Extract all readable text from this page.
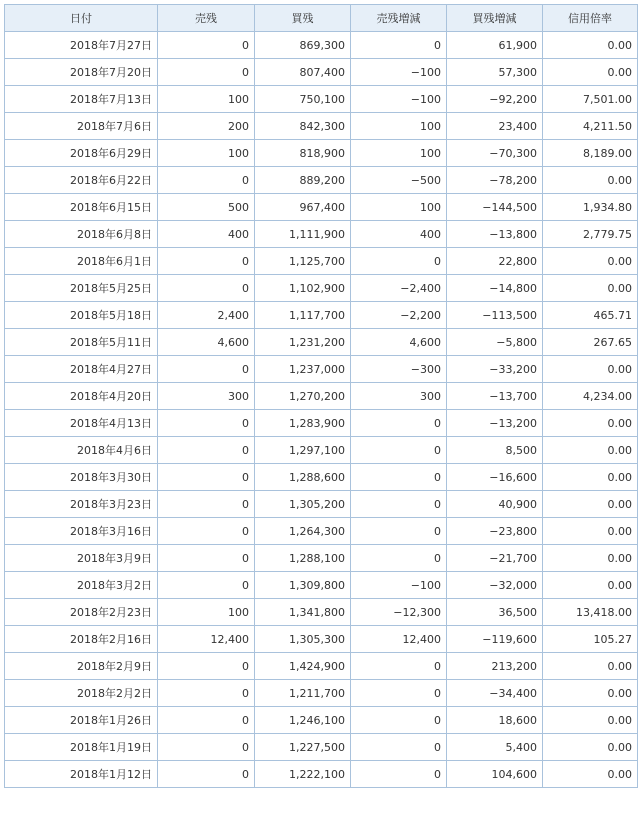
日付	売残	買残	売残増減	買残増減	信用倍率
2018年7月27日	0	869,300	0	61,900	0.00
2018年7月20日	0	807,400	−100	57,300	0.00
2018年7月13日	100	750,100	−100	−92,200	7,501.00
2018年7月6日	200	842,300	100	23,400	4,211.50
2018年6月29日	100	818,900	100	−70,300	8,189.00
2018年6月22日	0	889,200	−500	−78,200	0.00
2018年6月15日	500	967,400	100	−144,500	1,934.80
2018年6月8日	400	1,111,900	400	−13,800	2,779.75
2018年6月1日	0	1,125,700	0	22,800	0.00
2018年5月25日	0	1,102,900	−2,400	−14,800	0.00
2018年5月18日	2,400	1,117,700	−2,200	−113,500	465.71
2018年5月11日	4,600	1,231,200	4,600	−5,800	267.65
2018年4月27日	0	1,237,000	−300	−33,200	0.00
2018年4月20日	300	1,270,200	300	−13,700	4,234.00
2018年4月13日	0	1,283,900	0	−13,200	0.00
2018年4月6日	0	1,297,100	0	8,500	0.00
2018年3月30日	0	1,288,600	0	−16,600	0.00
2018年3月23日	0	1,305,200	0	40,900	0.00
2018年3月16日	0	1,264,300	0	−23,800	0.00
2018年3月9日	0	1,288,100	0	−21,700	0.00
2018年3月2日	0	1,309,800	−100	−32,000	0.00
2018年2月23日	100	1,341,800	−12,300	36,500	13,418.00
2018年2月16日	12,400	1,305,300	12,400	−119,600	105.27
2018年2月9日	0	1,424,900	0	213,200	0.00
2018年2月2日	0	1,211,700	0	−34,400	0.00
2018年1月26日	0	1,246,100	0	18,600	0.00
2018年1月19日	0	1,227,500	0	5,400	0.00
2018年1月12日	0	1,222,100	0	104,600	0.00
